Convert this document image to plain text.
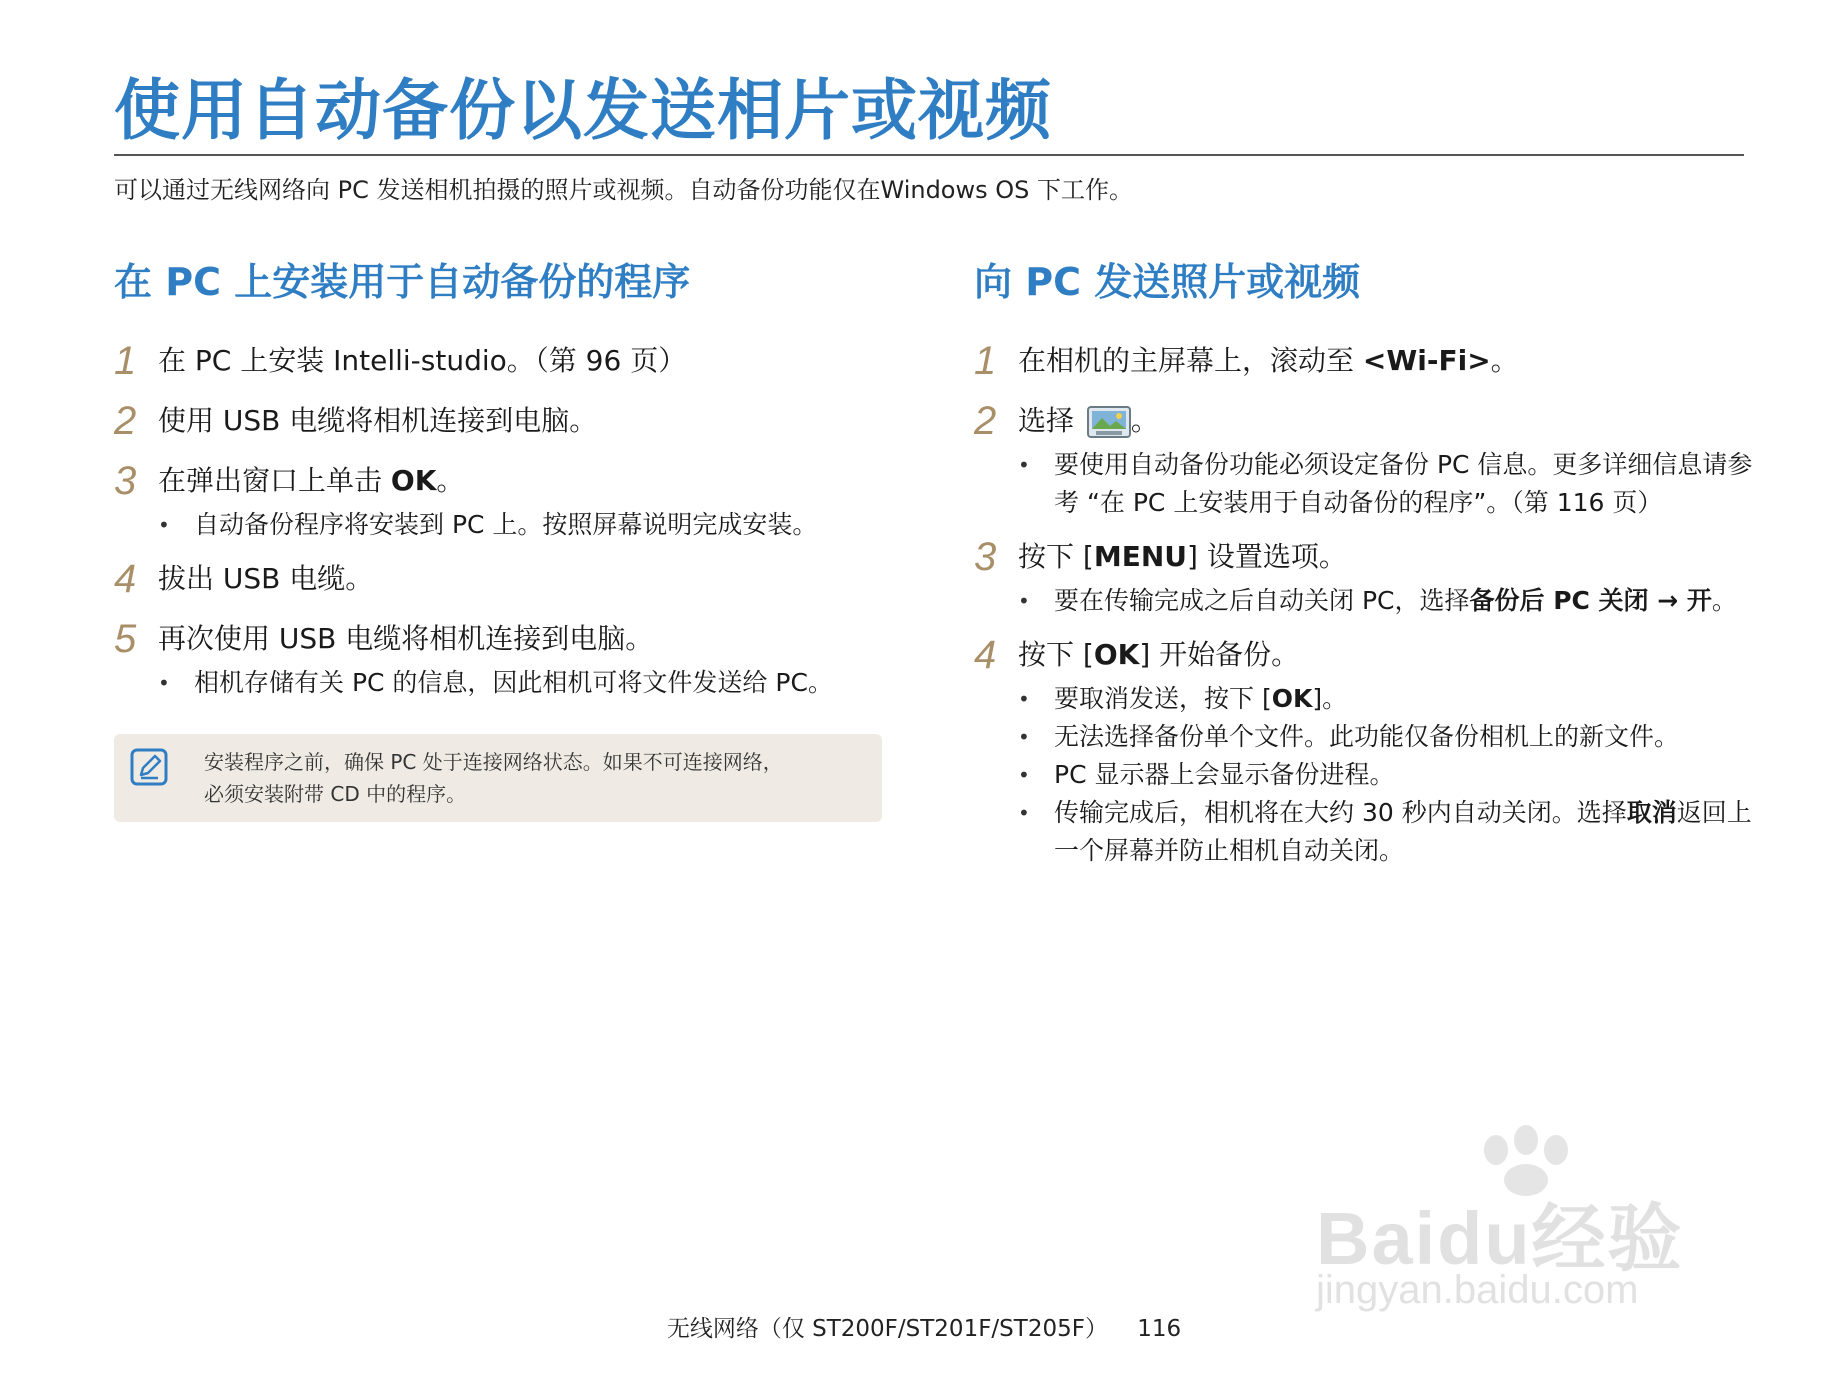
使用自动备份以发送相片或视频
可以通过无线网络向 PC 发送相机拍摄的照片或视频。自动备份功能仅在Windows OS 下工作。
在 PC 上安装用于自动备份的程序
1 在 PC 上安装 Intelli-studio。（第 96 页）
2 使用 USB 电缆将相机连接到电脑。
3 在弹出窗口上单击 OK。
• 自动备份程序将安装到 PC 上。按照屏幕说明完成安装。
4 拔出 USB 电缆。
5 再次使用 USB 电缆将相机连接到电脑。
• 相机存储有关 PC 的信息，因此相机可将文件发送给 PC。
安装程序之前，确保 PC 处于连接网络状态。如果不可连接网络，
必须安装附带 CD 中的程序。
向 PC 发送照片或视频
1 在相机的主屏幕上，滚动至 <Wi-Fi>。
2 选择 。
• 要使用自动备份功能必须设定备份 PC 信息。更多详细信息请参考 “在 PC 上安装用于自动备份的程序”。（第 116 页）
3 按下 [MENU] 设置选项。
• 要在传输完成之后自动关闭 PC，选择备份后 PC 关闭 → 开。
4 按下 [OK] 开始备份。
• 要取消发送，按下 [OK]。
• 无法选择备份单个文件。此功能仅备份相机上的新文件。
• PC 显示器上会显示备份进程。
• 传输完成后，相机将在大约 30 秒内自动关闭。选择取消返回上一个屏幕并防止相机自动关闭。
Baidu经验
jingyan.baidu.com
无线网络（仅 ST200F/ST201F/ST205F） 116
